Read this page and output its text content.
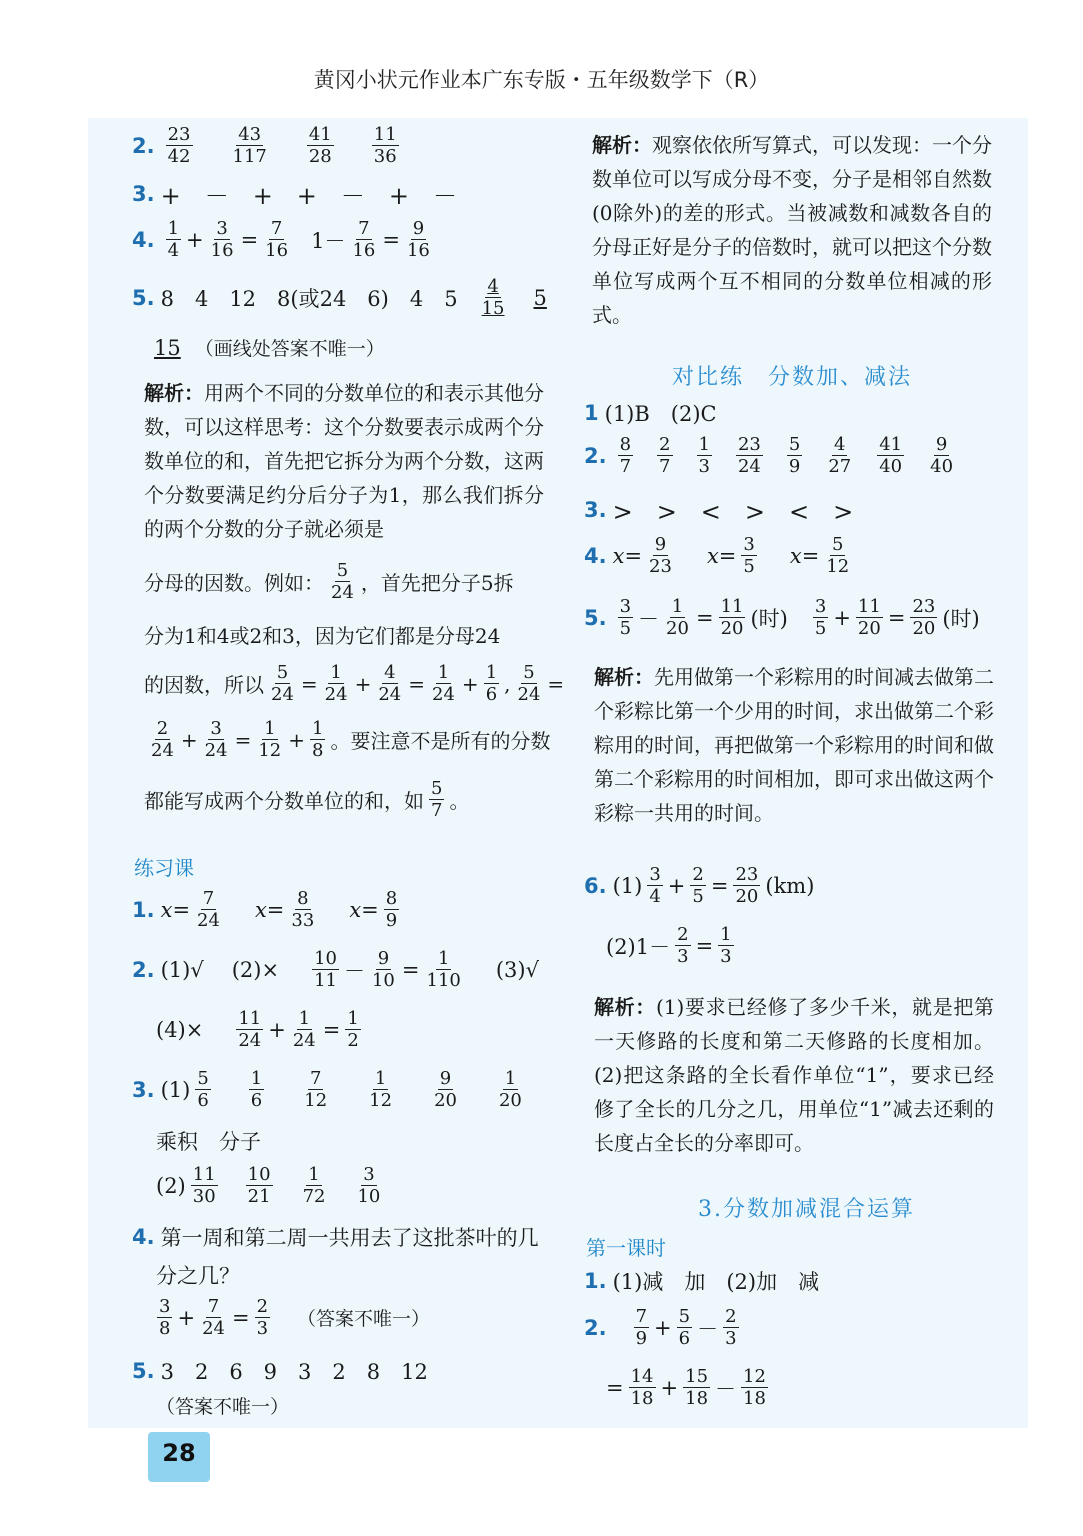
黄冈小状元作业本广东专版・五年级数学下（R）
2. $\frac{23}{42} \frac{43}{117} \frac{41}{28} \frac{11}{36}$
3. +　－　+　+　－　+　－
4. $\frac{1}{4} + \frac{3}{16} = \frac{7}{16} 1- \frac{7}{16} = \frac{9}{16}$
5. 8　4　12　8(或24　6)　4　$5 \frac{4}{15} 5$
15 （画线处答案不唯一）
解析：用两个不同的分数单位的和表示其他分数，可以这样思考：这个分数要表示成两个分数单位的和，首先把它拆分为两个分数，这两个分数要满足约分后分子为1，那么我们拆分的两个分数的分子就必须是
分母的因数。例如： $\frac{5}{24}$ ，首先把分子5拆
分为1和4或2和3，因为它们都是分母24
的因数，所以 $\frac{5}{24} = \frac{1}{24} + \frac{4}{24} = \frac{1}{24} + \frac{1}{6}$ , $\frac{5}{24}$ =
$\frac{2}{24} + \frac{3}{24} = \frac{1}{12} + \frac{1}{8}$ 。要注意不是所有的分数
都能写成两个分数单位的和，如 $\frac{5}{7}$ 。
练习课
1. $x = \frac{7}{24}$ $x = \frac{8}{33}$ $x = \frac{8}{9}$
2. (1)√ $(2)\times \frac{10}{11} - \frac{9}{10} = \frac{1}{110} (3)√$
$(4)\times \frac{11}{24} + \frac{1}{24} = \frac{1}{2}$
3. $(1) \frac{5}{6} \frac{1}{6} \frac{7}{12} \frac{1}{12} \frac{9}{20} \frac{1}{20}$
乘积　分子
$(2) \frac{11}{30} \frac{10}{21} \frac{1}{72} \frac{3}{10}$
4. 第一周和第二周一共用去了这批茶叶的几
分之几？
$\frac{3}{8} + \frac{7}{24} = \frac{2}{3}$ （答案不唯一）
5. 3　2　6　9　3　2　8　12
（答案不唯一）
解析：观察依依所写算式，可以发现：一个分数单位可以写成分母不变，分子是相邻自然数(0除外)的差的形式。当被减数和减数各自的分母正好是分子的倍数时，就可以把这个分数单位写成两个互不相同的分数单位相减的形式。
对比练　分数加、减法
1 (1)B　(2)C
2. $\frac{8}{7} \frac{2}{7} \frac{1}{3} \frac{23}{24} \frac{5}{9} \frac{4}{27} \frac{41}{40} \frac{9}{40}$
3. >　>　<　>　<　>
4. $x = \frac{9}{23}$ $x = \frac{3}{5}$ $x = \frac{5}{12}$
5. $\frac{3}{5} - \frac{1}{20} = \frac{11}{20}$ (时) $\frac{3}{5} + \frac{11}{20} = \frac{23}{20}$ (时)
解析：先用做第一个彩粽用的时间减去做第二个彩粽比第一个少用的时间，求出做第二个彩粽用的时间，再把做第一个彩粽用的时间和做第二个彩粽用的时间相加，即可求出做这两个彩粽一共用的时间。
6. $(1) \frac{3}{4} + \frac{2}{5} = \frac{23}{20} (km)$
$(2)1- \frac{2}{3} = \frac{1}{3}$
解析：(1)要求已经修了多少千米，就是把第一天修路的长度和第二天修路的长度相加。(2)把这条路的全长看作单位“1”，要求已经修了全长的几分之几，用单位“1”减去还剩的长度占全长的分率即可。
3.分数加减混合运算
第一课时
1. (1)减　加　(2)加　减
2. $\frac{7}{9} + \frac{5}{6} - \frac{2}{3}$
= $\frac{14}{18} + \frac{15}{18} - \frac{12}{18}$
28
